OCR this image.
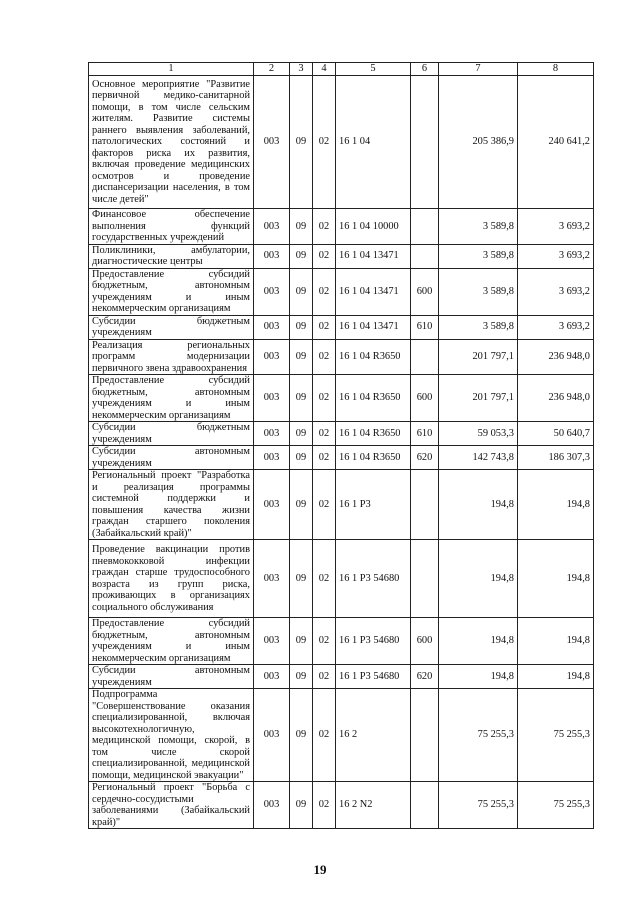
1	2	3	4	5	6	7	8
Основное мероприятие "Развитие первичной медико-санитарной помощи, в том числе сельским жителям. Развитие системы раннего выявления заболеваний, патологических состояний и факторов риска их развития, включая проведение медицинских осмотров и проведение диспансеризации населения, в том числе детей"	003	09	02	16 1 04		205 386,9	240 641,2
Финансовое обеспечение выполнения функций государственных учреждений	003	09	02	16 1 04 10000		3 589,8	3 693,2
Поликлиники, амбулатории, диагностические центры	003	09	02	16 1 04 13471		3 589,8	3 693,2
Предоставление субсидий бюджетным, автономным учреждениям и иным некоммерческим организациям	003	09	02	16 1 04 13471	600	3 589,8	3 693,2
Субсидии бюджетным учреждениям	003	09	02	16 1 04 13471	610	3 589,8	3 693,2
Реализация региональных программ модернизации первичного звена здравоохранения	003	09	02	16 1 04 R3650		201 797,1	236 948,0
Предоставление субсидий бюджетным, автономным учреждениям и иным некоммерческим организациям	003	09	02	16 1 04 R3650	600	201 797,1	236 948,0
Субсидии бюджетным учреждениям	003	09	02	16 1 04 R3650	610	59 053,3	50 640,7
Субсидии автономным учреждениям	003	09	02	16 1 04 R3650	620	142 743,8	186 307,3
Региональный проект "Разработка и реализация программы системной поддержки и повышения качества жизни граждан старшего поколения (Забайкальский край)"	003	09	02	16 1 P3		194,8	194,8
Проведение вакцинации против пневмококковой инфекции граждан старше трудоспособного возраста из групп риска, проживающих в организациях социального обслуживания	003	09	02	16 1 P3 54680		194,8	194,8
Предоставление субсидий бюджетным, автономным учреждениям и иным некоммерческим организациям	003	09	02	16 1 P3 54680	600	194,8	194,8
Субсидии автономным учреждениям	003	09	02	16 1 P3 54680	620	194,8	194,8
Подпрограмма "Совершенствование оказания специализированной, включая высокотехнологичную, медицинской помощи, скорой, в том числе скорой специализированной, медицинской помощи, медицинской эвакуации"	003	09	02	16 2		75 255,3	75 255,3
Региональный проект "Борьба с сердечно-сосудистыми заболеваниями (Забайкальский край)"	003	09	02	16 2 N2		75 255,3	75 255,3
19
